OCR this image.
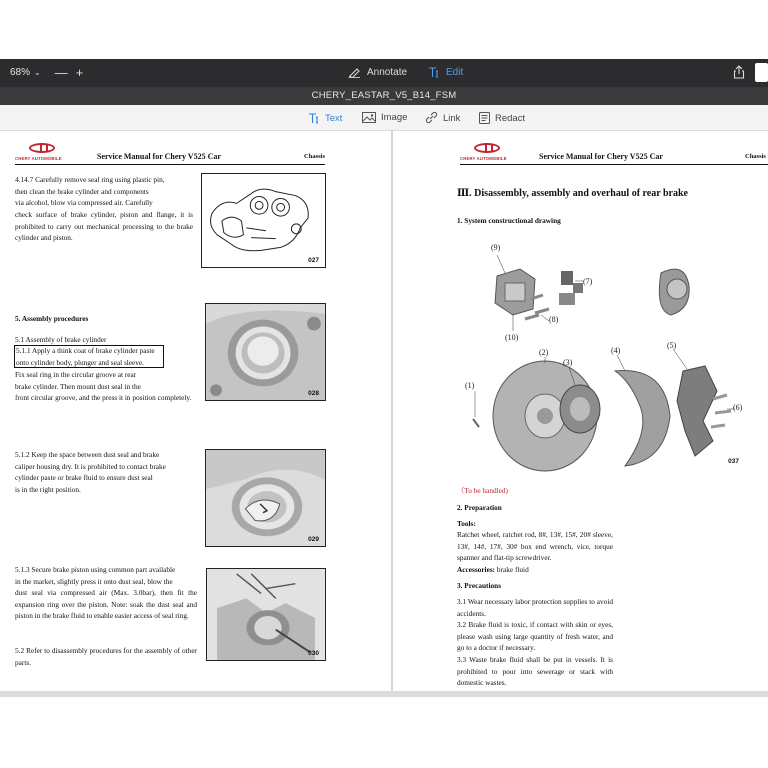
68% ⌄ — +	Annotate	Edit
CHERY_EASTAR_V5_B14_FSM
Text	Image	Link	Redact
CHERY AUTOMOBILE	Service Manual for Chery V525 Car	Chassis
4.14.7 Carefully remove seal ring using plastic pin,
then clean the brake cylinder and components
via alcohol, blow via compressed air. Carefully
check surface of brake cylinder, piston and flange, it is prohibited to carry out mechanical processing to the brake cylinder and piston.
027
5. Assembly procedures
5.1 Assembly of brake cylinder
5.1.1 Apply a think coat of brake cylinder paste
onto cylinder body, plunger and seal sleeve.
Fix seal ring in the circular groove at rear
brake cylinder. Then mount dust seal in the
front circular groove, and the press it in position completely.	028
5.1.2 Keep the space between dust seal and brake
caliper housing dry. It is prohibited to contact brake
cylinder paste or brake fluid to ensure dust seal
is in the right position.
029
5.1.3 Secure brake piston using common part available
in the market, slightly press it onto dust seal, blow the
dust seal via compressed air (Max. 3.0bar), then fit the expansion ring over the piston. Note: soak the dust seal and piston in the brake fluid to enable easier access of seal ring.
030
5.2 Refer to disassembly procedures for the assembly of other parts.
CHERY AUTOMOBILE	Service Manual for Chery V525 Car	Chassis
Ⅲ. Disassembly, assembly and overhaul of rear brake
1. System constructional drawing
(9)
(7)
(8)
(10)
(2)
(3)
(4)
(5)
(1)
(6)
037
（To be handled)
2. Preparation
Tools:
Ratchet wheel, ratchet rod, 8#, 13#, 15#, 20# sleeve, 13#, 14#, 17#, 30# box end wrench, vice, torque spanner and flat-tip screwdriver.
Accessories: brake fluid
3. Precautions
3.1 Wear necessary labor protection supplies to avoid accidents.
3.2 Brake fluid is toxic, if contact with skin or eyes, please wash using large quantity of fresh water, and go to a doctor if necessary.
3.3 Waste brake fluid shall be put in vessels. It is prohibited to pour into sewerage or stack with domestic wastes.
